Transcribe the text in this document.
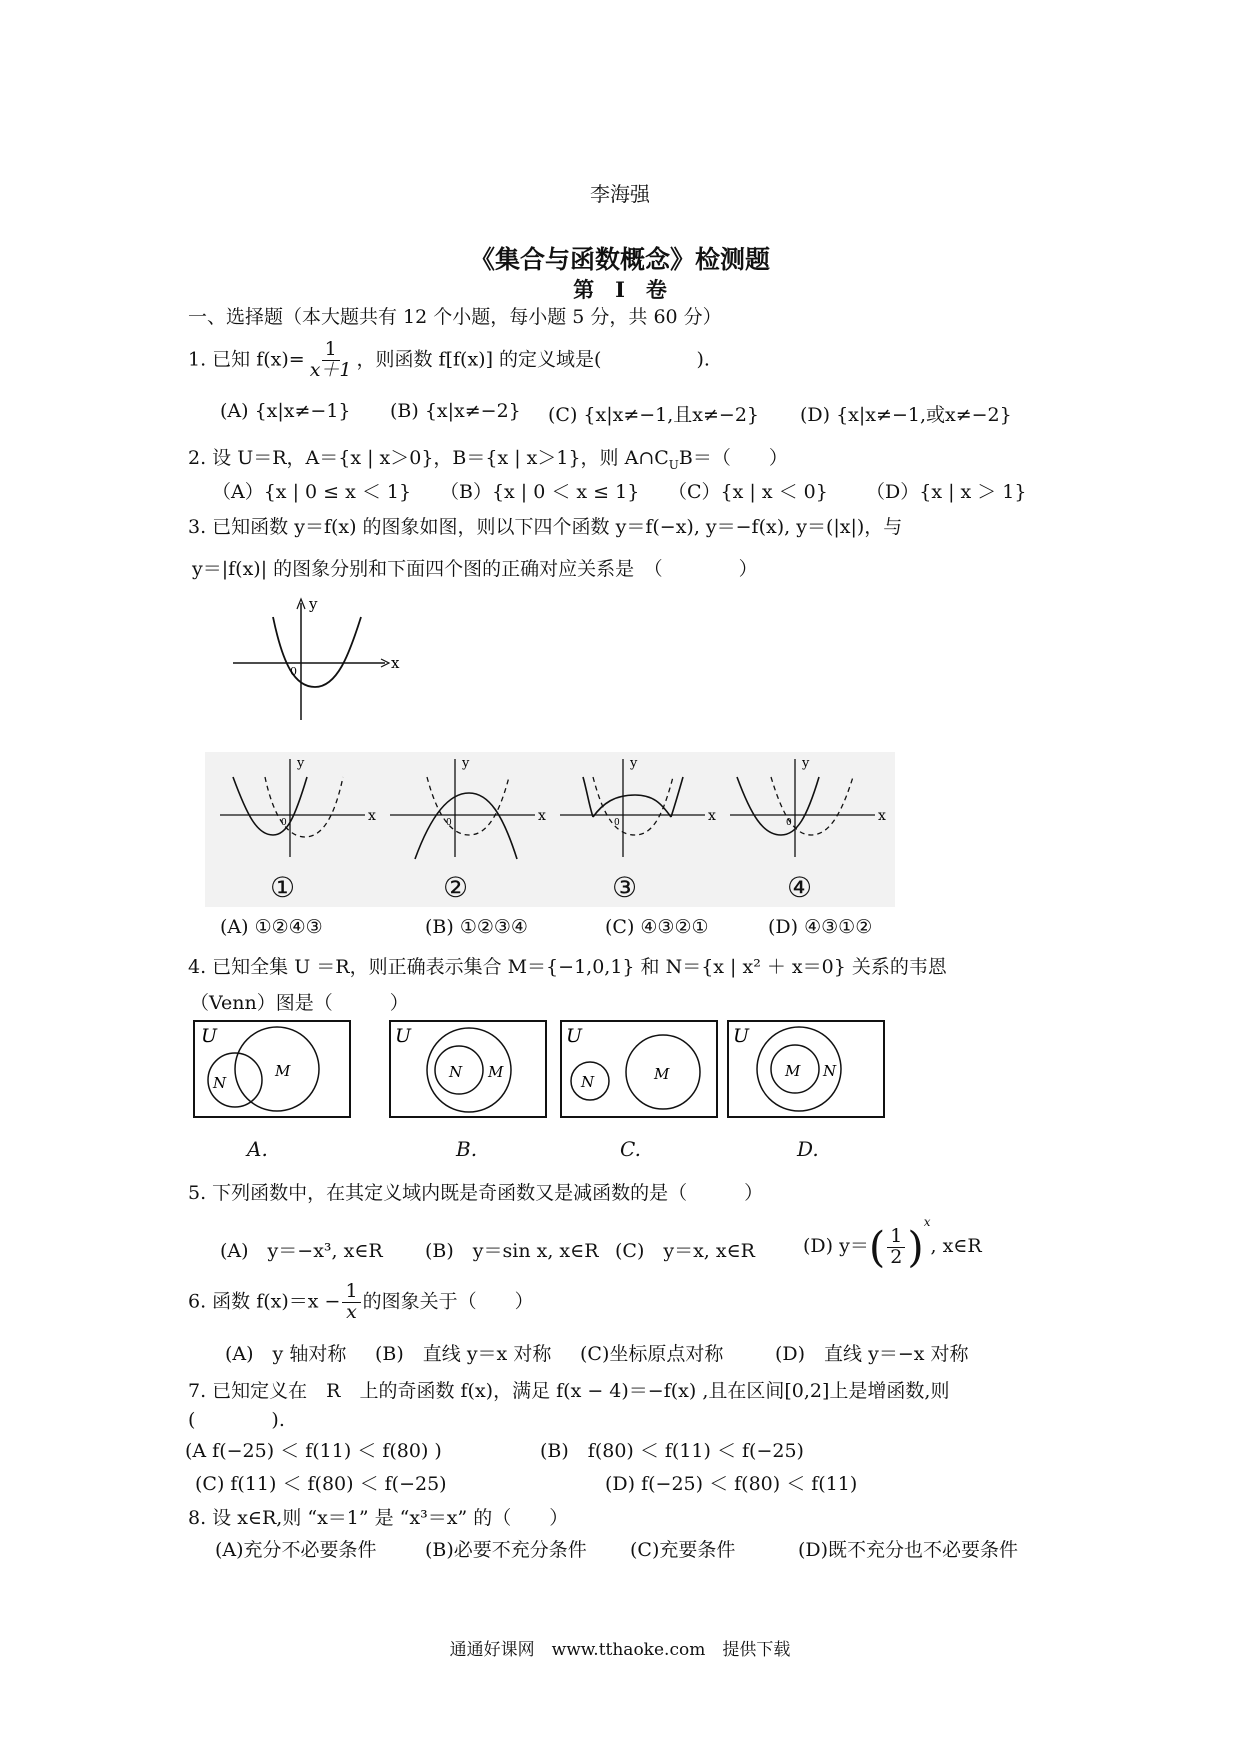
李海强
《集合与函数概念》检测题
第　I　卷
一、选择题（本大题共有 12 个小题，每小题 5 分，共 60 分）
1. 已知 $f(x)= \frac{1}{x+1}$ ，则函数 f[f(x)] 的定义域是(　　　　　).
(A) {x|x≠−1} (B) {x|x≠−2} (C) {x|x≠−1,且x≠−2} (D) {x|x≠−1,或x≠−2}
2. 设 U＝R，A＝{x | x＞0}，B＝{x | x＞1}，则 $A\cap C_UB=$（　　）
（A）{x | 0 ≤ x ＜ 1} （B）{x | 0 ＜ x ≤ 1} （C）{x | x ＜ 0} （D）{x | x ＞ 1}
3. 已知函数 y＝f(x) 的图象如图，则以下四个函数 y＝f(−x), y＝−f(x), y＝(|x|)，与
y＝|f(x)| 的图象分别和下面四个图的正确对应关系是　（　　　　）
y
x
0
x
y
0	x
y
0	x
y
0	x
y
0
①	②	③	④
(A) ①②④③	(B) ①②③④	(C) ④③②①	(D) ④③①②
4. 已知全集 U ＝R，则正确表示集合 M＝{−1,0,1} 和 N＝{x | x² ＋ x＝0} 关系的韦恩
（Venn）图是（　　　）
U
N
M
U
N M
U
N	M
U
M N
A.	B.	C.	D.
5. 下列函数中，在其定义域内既是奇函数又是减函数的是（　　　）
(A)　y＝−x³, x∈R (B)　y＝sin x, x∈R (C)　y＝x, x∈R	(D) $y=( \frac{1}{2} )^x$, x∈R
6. 函数 $f(x)=x - \frac{1}{x}$ 的图象关于（　　）
(A)　y 轴对称 (B)　直线 y＝x 对称 (C)坐标原点对称	(D)　直线 y＝−x 对称
7. 已知定义在　R　上的奇函数 f(x)，满足 f(x − 4)＝−f(x) ,且在区间[0,2]上是增函数,则
(　　　　).
(A f(−25) ＜ f(11) ＜ f(80) )	(B)　f(80) ＜ f(11) ＜ f(−25)
(C) f(11) ＜ f(80) ＜ f(−25)	(D) f(−25) ＜ f(80) ＜ f(11)
8. 设 x∈R,则 “x＝1” 是 “x³＝x” 的（　　）
(A)充分不必要条件	(B)必要不充分条件 (C)充要条件	(D)既不充分也不必要条件
通通好课网　www.tthaoke.com　提供下载
